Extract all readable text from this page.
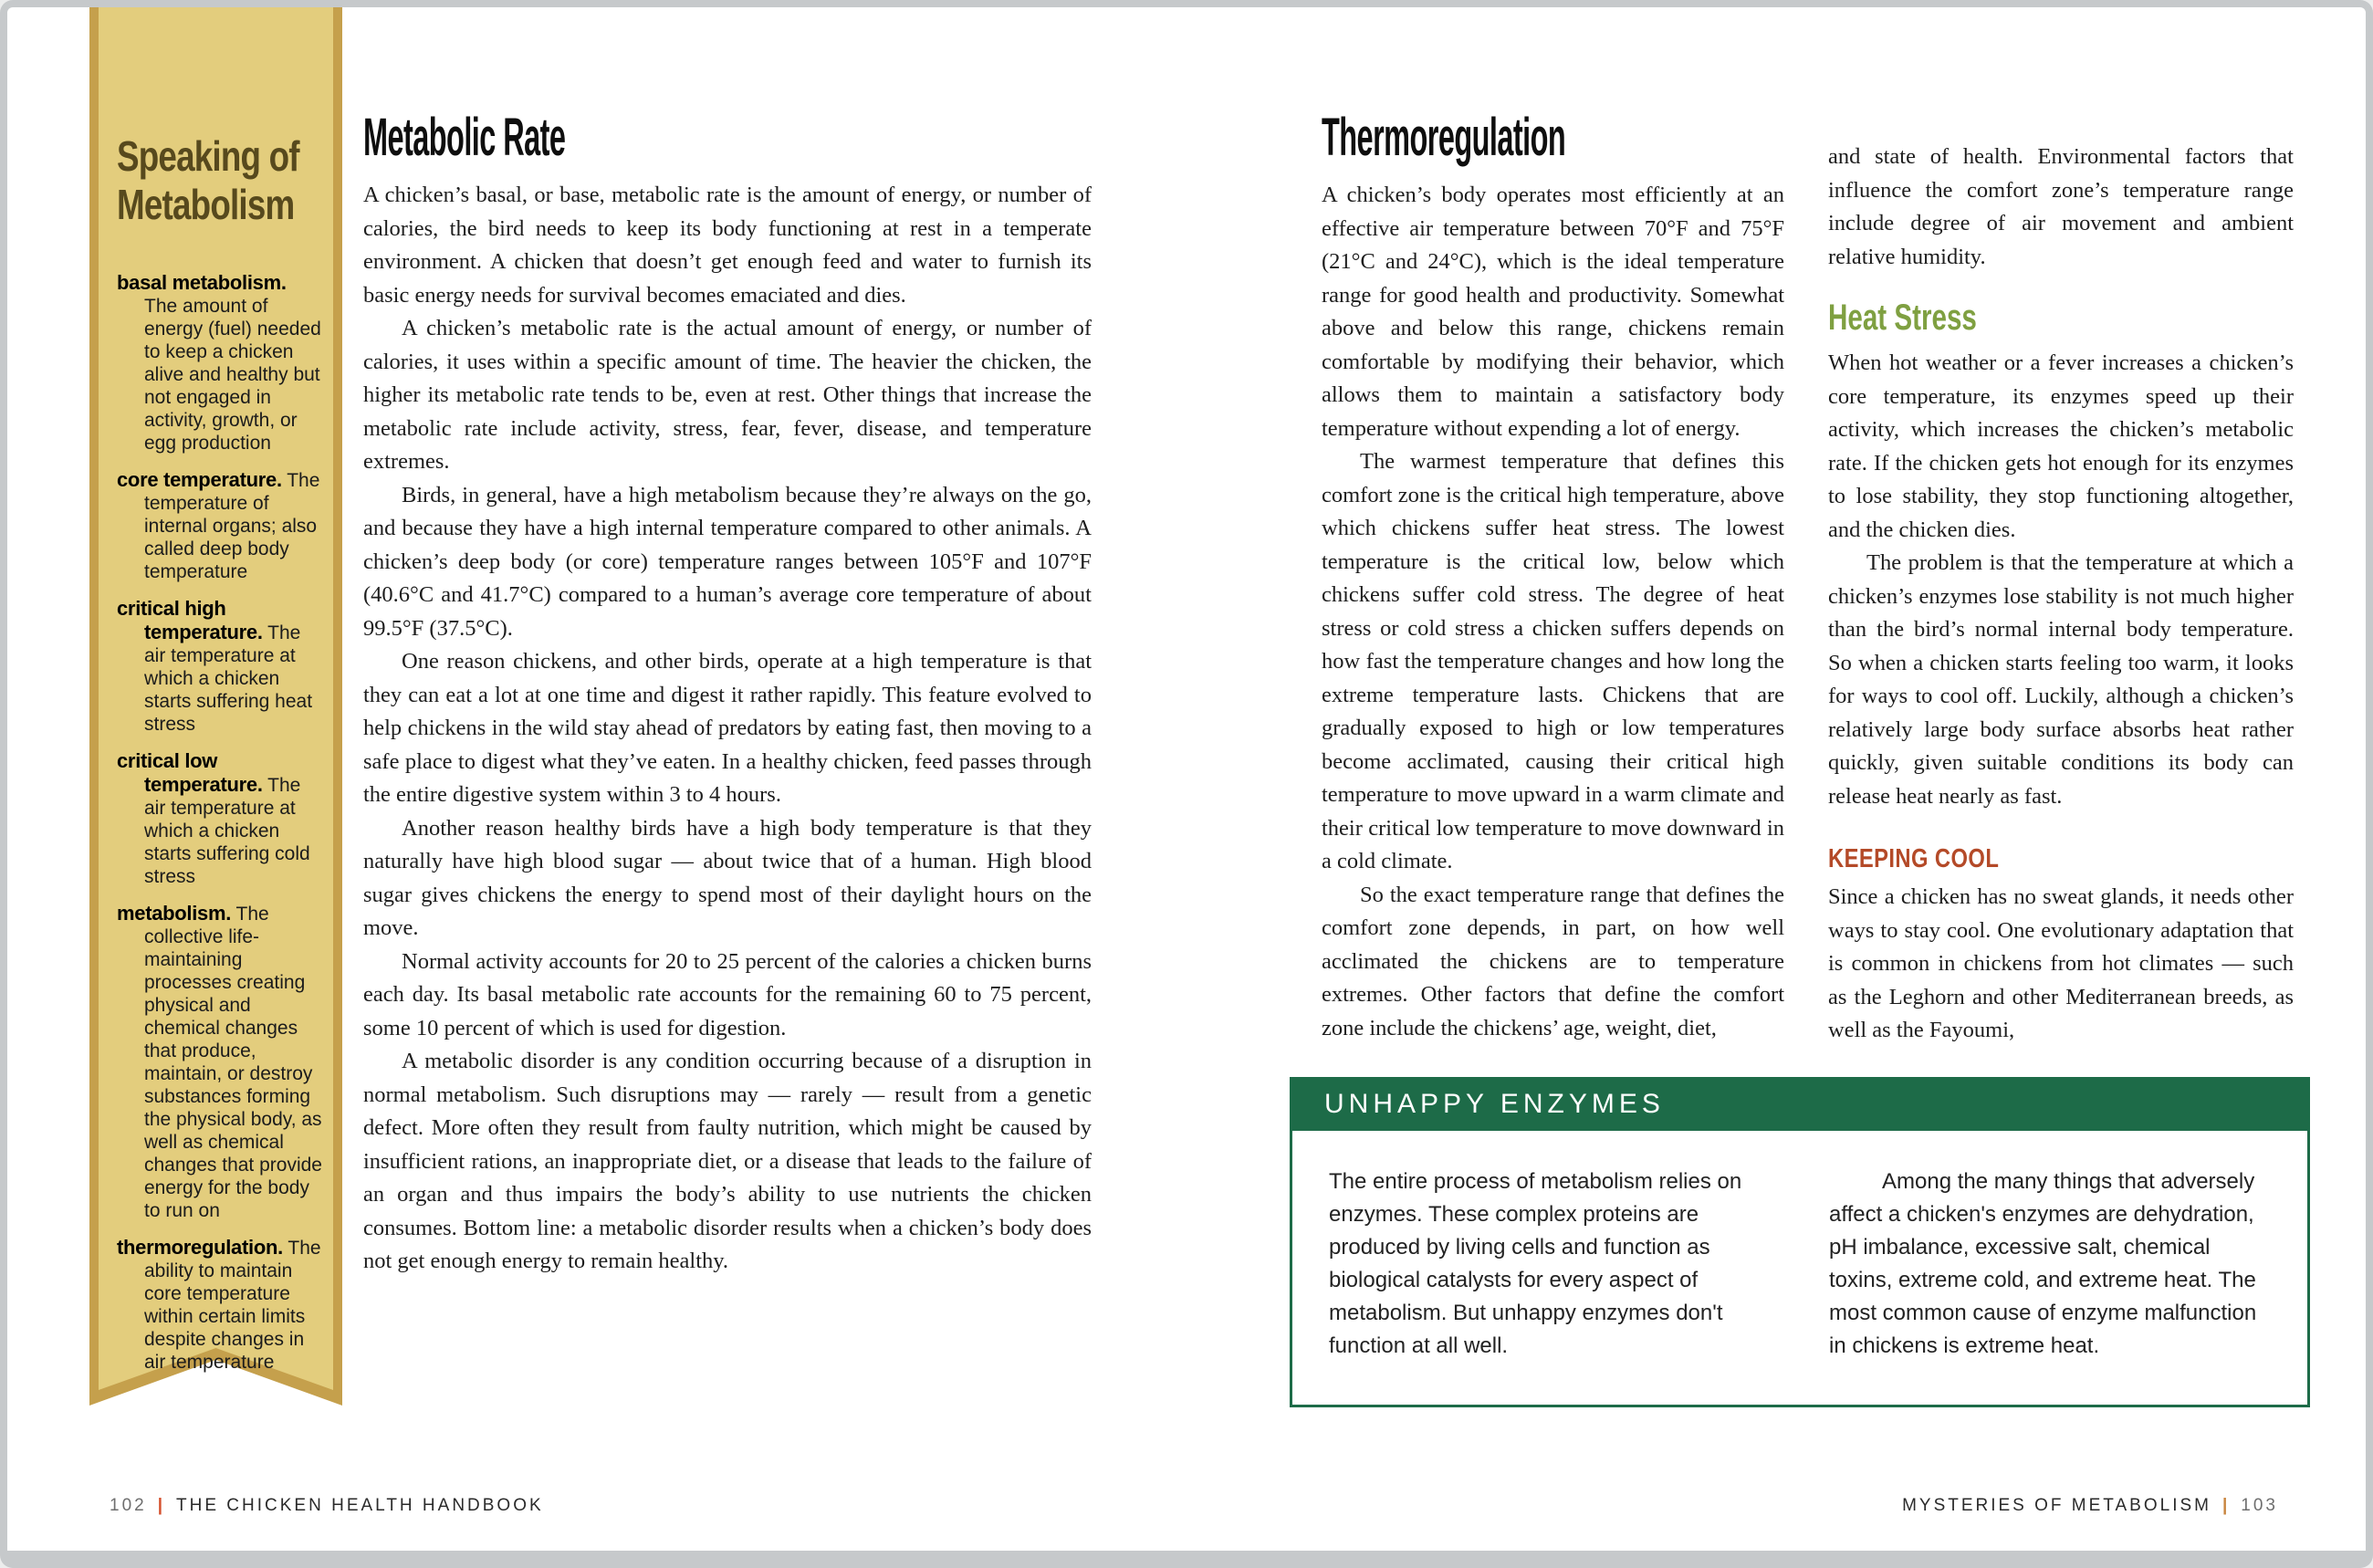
Speaking of
Metabolism
basal metabolism. The amount of energy (fuel) needed to keep a chicken alive and healthy but not engaged in activity, growth, or egg production
core temperature. The temperature of internal organs; also called deep body temperature
critical high temperature. The air temperature at which a chicken starts suffering heat stress
critical low temperature. The air temperature at which a chicken starts suffering cold stress
metabolism. The collective life-maintaining processes creating physical and chemical changes that produce, maintain, or destroy substances forming the physical body, as well as chemical changes that provide energy for the body to run on
thermoregulation. The ability to maintain core temperature within certain limits despite changes in air temperature
Metabolic Rate

A chicken’s basal, or base, metabolic rate is the amount of energy, or number of calories, the bird needs to keep its body functioning at rest in a temperate environment. A chicken that doesn’t get enough feed and water to furnish its basic energy needs for survival becomes emaciated and dies.

A chicken’s metabolic rate is the actual amount of energy, or number of calories, it uses within a specific amount of time. The heavier the chicken, the higher its metabolic rate tends to be, even at rest. Other things that increase the metabolic rate include activity, stress, fear, fever, disease, and temperature extremes.

Birds, in general, have a high metabolism because they’re always on the go, and because they have a high internal temperature compared to other animals. A chicken’s deep body (or core) temperature ranges between 105°F and 107°F (40.6°C and 41.7°C) compared to a human’s average core temperature of about 99.5°F (37.5°C).

One reason chickens, and other birds, operate at a high temperature is that they can eat a lot at one time and digest it rather rapidly. This feature evolved to help chickens in the wild stay ahead of predators by eating fast, then moving to a safe place to digest what they’ve eaten. In a healthy chicken, feed passes through the entire digestive system within 3 to 4 hours.

Another reason healthy birds have a high body temperature is that they naturally have high blood sugar — about twice that of a human. High blood sugar gives chickens the energy to spend most of their daylight hours on the move.

Normal activity accounts for 20 to 25 percent of the calories a chicken burns each day. Its basal metabolic rate accounts for the remaining 60 to 75 percent, some 10 percent of which is used for digestion.

A metabolic disorder is any condition occurring because of a disruption in normal metabolism. Such disruptions may — rarely — result from a genetic defect. More often they result from faulty nutrition, which might be caused by insufficient rations, an inappropriate diet, or a disease that leads to the failure of an organ and thus impairs the body’s ability to use nutrients the chicken consumes. Bottom line: a metabolic disorder results when a chicken’s body does not get enough energy to remain healthy.

Thermoregulation

A chicken’s body operates most efficiently at an effective air temperature between 70°F and 75°F (21°C and 24°C), which is the ideal temperature range for good health and productivity. Somewhat above and below this range, chickens remain comfortable by modifying their behavior, which allows them to maintain a satisfactory body temperature without expending a lot of energy.

The warmest temperature that defines this comfort zone is the critical high temperature, above which chickens suffer heat stress. The lowest temperature is the critical low, below which chickens suffer cold stress. The degree of heat stress or cold stress a chicken suffers depends on how fast the temperature changes and how long the extreme temperature lasts. Chickens that are gradually exposed to high or low temperatures become acclimated, causing their critical high temperature to move upward in a warm climate and their critical low temperature to move downward in a cold climate.

So the exact temperature range that defines the comfort zone depends, in part, on how well acclimated the chickens are to temperature extremes. Other factors that define the comfort zone include the chickens’ age, weight, diet,

and state of health. Environmental factors that influence the comfort zone’s temperature range include degree of air movement and ambient relative humidity.

Heat Stress

When hot weather or a fever increases a chicken’s core temperature, its enzymes speed up their activity, which increases the chicken’s metabolic rate. If the chicken gets hot enough for its enzymes to lose stability, they stop functioning altogether, and the chicken dies.

The problem is that the temperature at which a chicken’s enzymes lose stability is not much higher than the bird’s normal internal body temperature. So when a chicken starts feeling too warm, it looks for ways to cool off. Luckily, although a chicken’s relatively large body surface absorbs heat rather quickly, given suitable conditions its body can release heat nearly as fast.

KEEPING COOL

Since a chicken has no sweat glands, it needs other ways to stay cool. One evolutionary adaptation that is common in chickens from hot climates — such as the Leghorn and other Mediterranean breeds, as well as the Fayoumi,

UNHAPPY ENZYMES

The entire process of metabolism relies on enzymes. These complex proteins are produced by living cells and function as biological catalysts for every aspect of metabolism. But unhappy enzymes don't function at all well.

Among the many things that adversely affect a chicken's enzymes are dehydration, pH imbalance, excessive salt, chemical toxins, extreme cold, and extreme heat. The most common cause of enzyme malfunction in chickens is extreme heat.

102 | THE CHICKEN HEALTH HANDBOOK	MYSTERIES OF METABOLISM | 103
